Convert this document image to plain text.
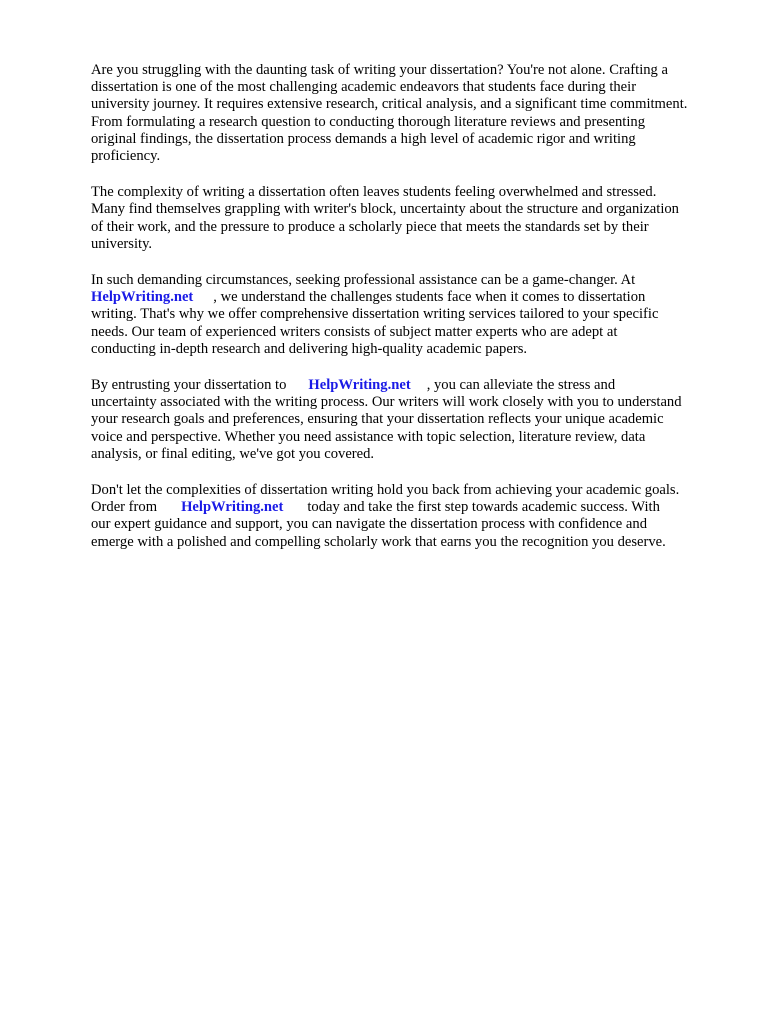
Are you struggling with the daunting task of writing your dissertation? You're not alone. Crafting a
dissertation is one of the most challenging academic endeavors that students face during their
university journey. It requires extensive research, critical analysis, and a significant time commitment.
From formulating a research question to conducting thorough literature reviews and presenting
original findings, the dissertation process demands a high level of academic rigor and writing
proficiency.

The complexity of writing a dissertation often leaves students feeling overwhelmed and stressed.
Many find themselves grappling with writer's block, uncertainty about the structure and organization
of their work, and the pressure to produce a scholarly piece that meets the standards set by their
university.

In such demanding circumstances, seeking professional assistance can be a game-changer. At
HelpWriting.net , we understand the challenges students face when it comes to dissertation
writing. That's why we offer comprehensive dissertation writing services tailored to your specific
needs. Our team of experienced writers consists of subject matter experts who are adept at
conducting in-depth research and delivering high-quality academic papers.

By entrusting your dissertation to HelpWriting.net , you can alleviate the stress and
uncertainty associated with the writing process. Our writers will work closely with you to understand
your research goals and preferences, ensuring that your dissertation reflects your unique academic
voice and perspective. Whether you need assistance with topic selection, literature review, data
analysis, or final editing, we've got you covered.

Don't let the complexities of dissertation writing hold you back from achieving your academic goals.
Order from HelpWriting.net today and take the first step towards academic success. With
our expert guidance and support, you can navigate the dissertation process with confidence and
emerge with a polished and compelling scholarly work that earns you the recognition you deserve.
